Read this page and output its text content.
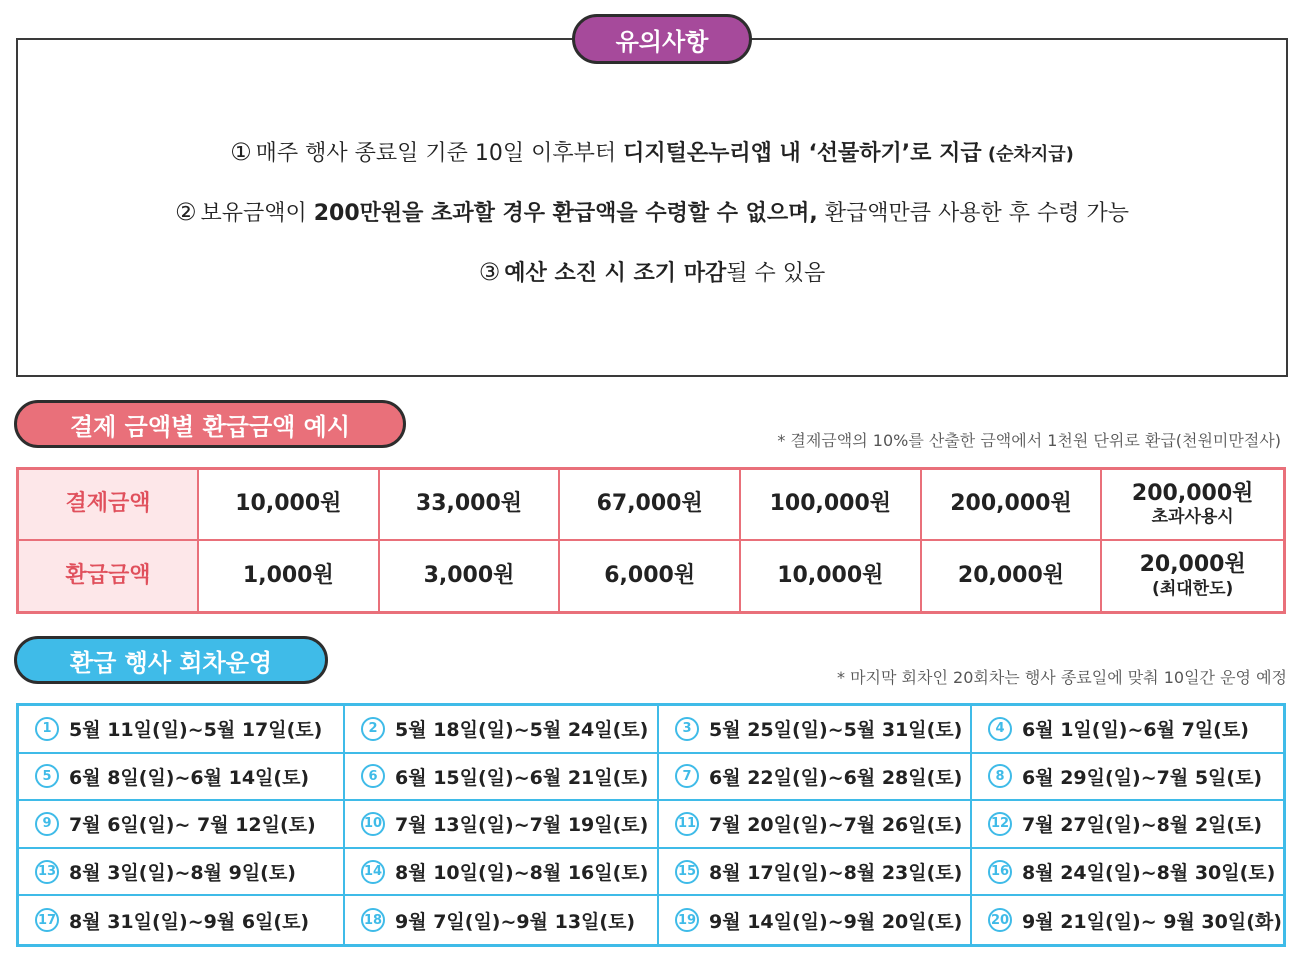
① 매주 행사 종료일 기준 10일 이후부터 디지털온누리앱 내 ‘선물하기’로 지급 (순차지급)
② 보유금액이 200만원을 초과할 경우 환급액을 수령할 수 없으며, 환급액만큼 사용한 후 수령 가능
③ 예산 소진 시 조기 마감될 수 있음
유의사항
결제 금액별 환급금액 예시	* 결제금액의 10%를 산출한 금액에서 1천원 단위로 환급(천원미만절사)
결제금액	10,000원	33,000원	67,000원	100,000원	200,000원	200,000원
초과사용시
환급금액	1,000원	3,000원	6,000원	10,000원	20,000원	20,000원
(최대한도)
환급 행사 회차운영
* 마지막 회차인 20회차는 행사 종료일에 맞춰 10일간 운영 예정
1 5월 11일(일)~5월 17일(토)	2 5월 18일(일)~5월 24일(토)	3 5월 25일(일)~5월 31일(토)	4 6월 1일(일)~6월 7일(토)
5 6월 8일(일)~6월 14일(토)	6 6월 15일(일)~6월 21일(토)	7 6월 22일(일)~6월 28일(토)	8 6월 29일(일)~7월 5일(토)
9 7월 6일(일)~ 7월 12일(토)	10 7월 13일(일)~7월 19일(토) 11 7월 20일(일)~7월 26일(토) 12 7월 27일(일)~8월 2일(토)
13 8월 3일(일)~8월 9일(토)	14 8월 10일(일)~8월 16일(토) 15 8월 17일(일)~8월 23일(토) 16 8월 24일(일)~8월 30일(토)
17 8월 31일(일)~9월 6일(토)	18 9월 7일(일)~9월 13일(토)	19 9월 14일(일)~9월 20일(토) 20 9월 21일(일)~ 9월 30일(화)
